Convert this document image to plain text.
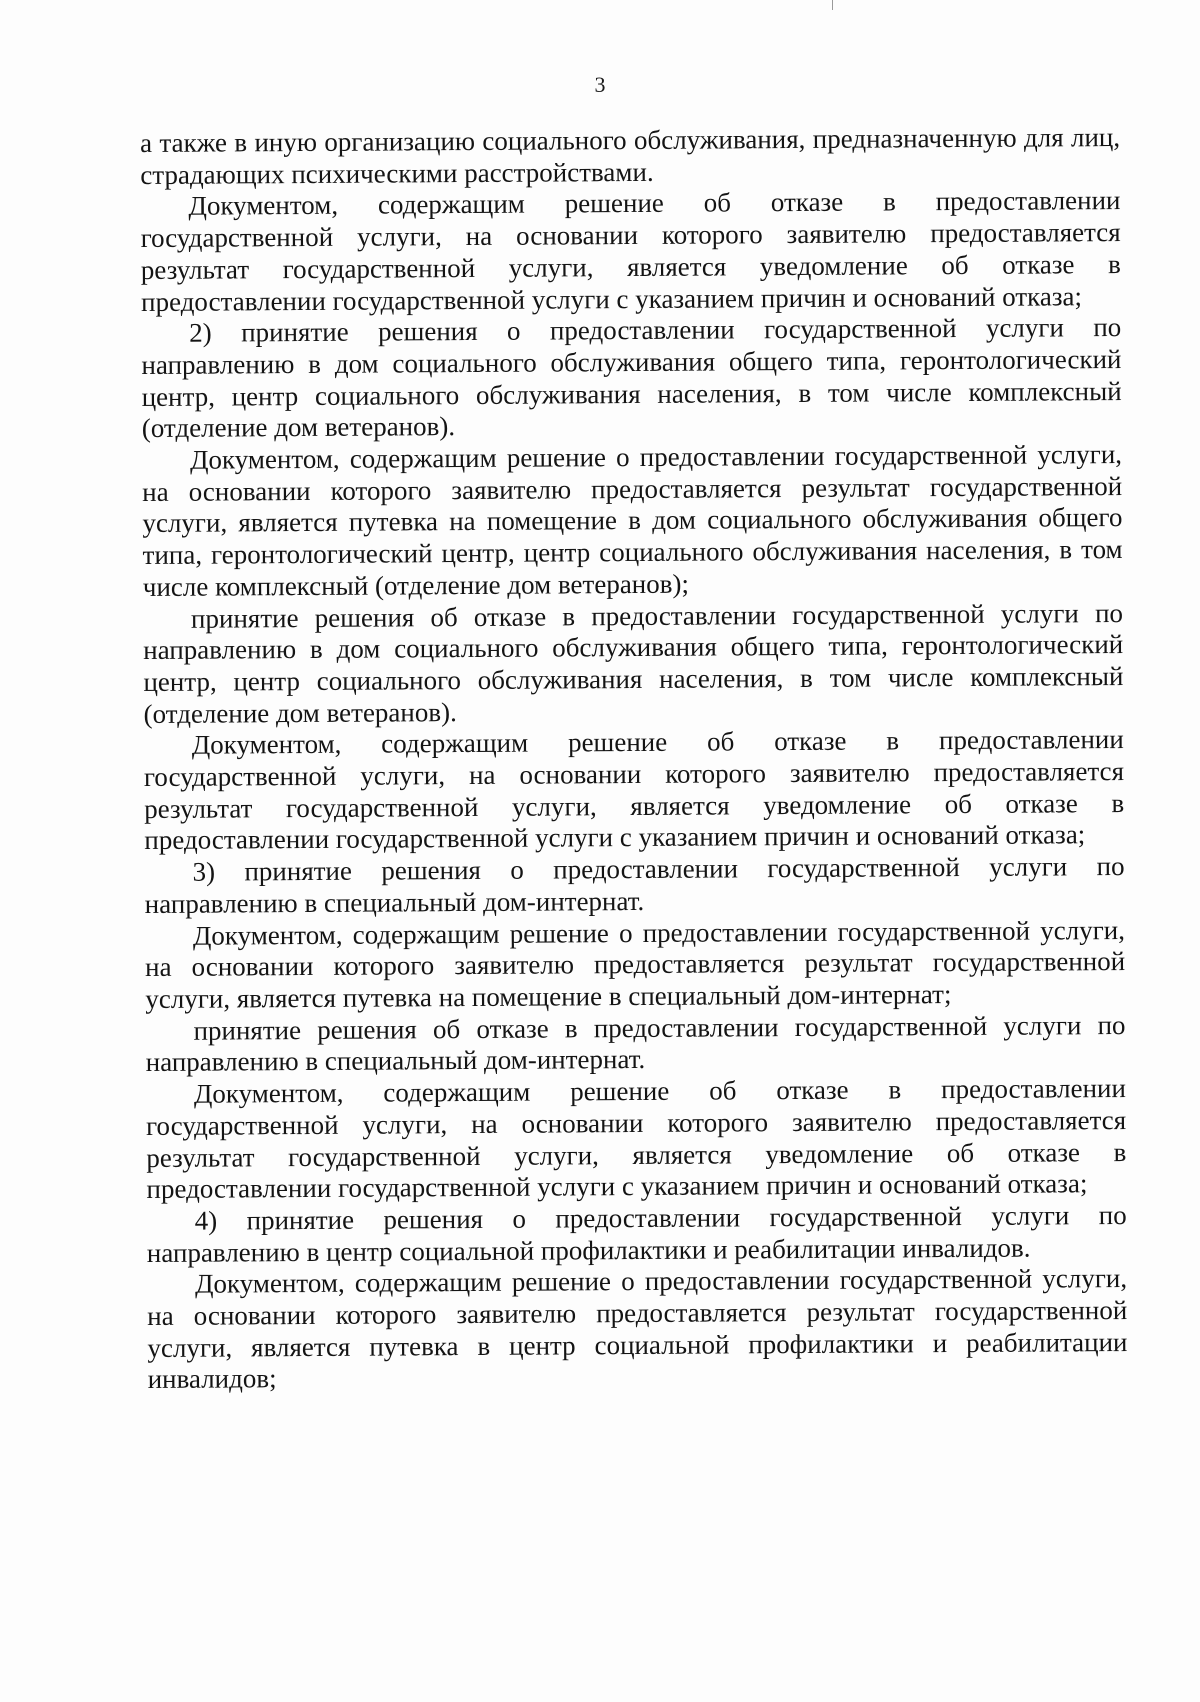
3

а также в иную организацию социального обслуживания, предназначенную для лиц, страдающих психическими расстройствами.

Документом, содержащим решение об отказе в предоставлении государственной услуги, на основании которого заявителю предоставляется результат государственной услуги, является уведомление об отказе в предоставлении государственной услуги с указанием причин и оснований отказа;

2) принятие решения о предоставлении государственной услуги по направлению в дом социального обслуживания общего типа, геронтологический центр, центр социального обслуживания населения, в том числе комплексный (отделение дом ветеранов).

Документом, содержащим решение о предоставлении государственной услуги, на основании которого заявителю предоставляется результат государственной услуги, является путевка на помещение в дом социального обслуживания общего типа, геронтологический центр, центр социального обслуживания населения, в том числе комплексный (отделение дом ветеранов);

принятие решения об отказе в предоставлении государственной услуги по направлению в дом социального обслуживания общего типа, геронтологический центр, центр социального обслуживания населения, в том числе комплексный (отделение дом ветеранов).

Документом, содержащим решение об отказе в предоставлении государственной услуги, на основании которого заявителю предоставляется результат государственной услуги, является уведомление об отказе в предоставлении государственной услуги с указанием причин и оснований отказа;

3) принятие решения о предоставлении государственной услуги по направлению в специальный дом-интернат.

Документом, содержащим решение о предоставлении государственной услуги, на основании которого заявителю предоставляется результат государственной услуги, является путевка на помещение в специальный дом-интернат;

принятие решения об отказе в предоставлении государственной услуги по направлению в специальный дом-интернат.

Документом, содержащим решение об отказе в предоставлении государственной услуги, на основании которого заявителю предоставляется результат государственной услуги, является уведомление об отказе в предоставлении государственной услуги с указанием причин и оснований отказа;

4) принятие решения о предоставлении государственной услуги по направлению в центр социальной профилактики и реабилитации инвалидов.

Документом, содержащим решение о предоставлении государственной услуги, на основании которого заявителю предоставляется результат государственной услуги, является путевка в центр социальной профилактики и реабилитации инвалидов;
